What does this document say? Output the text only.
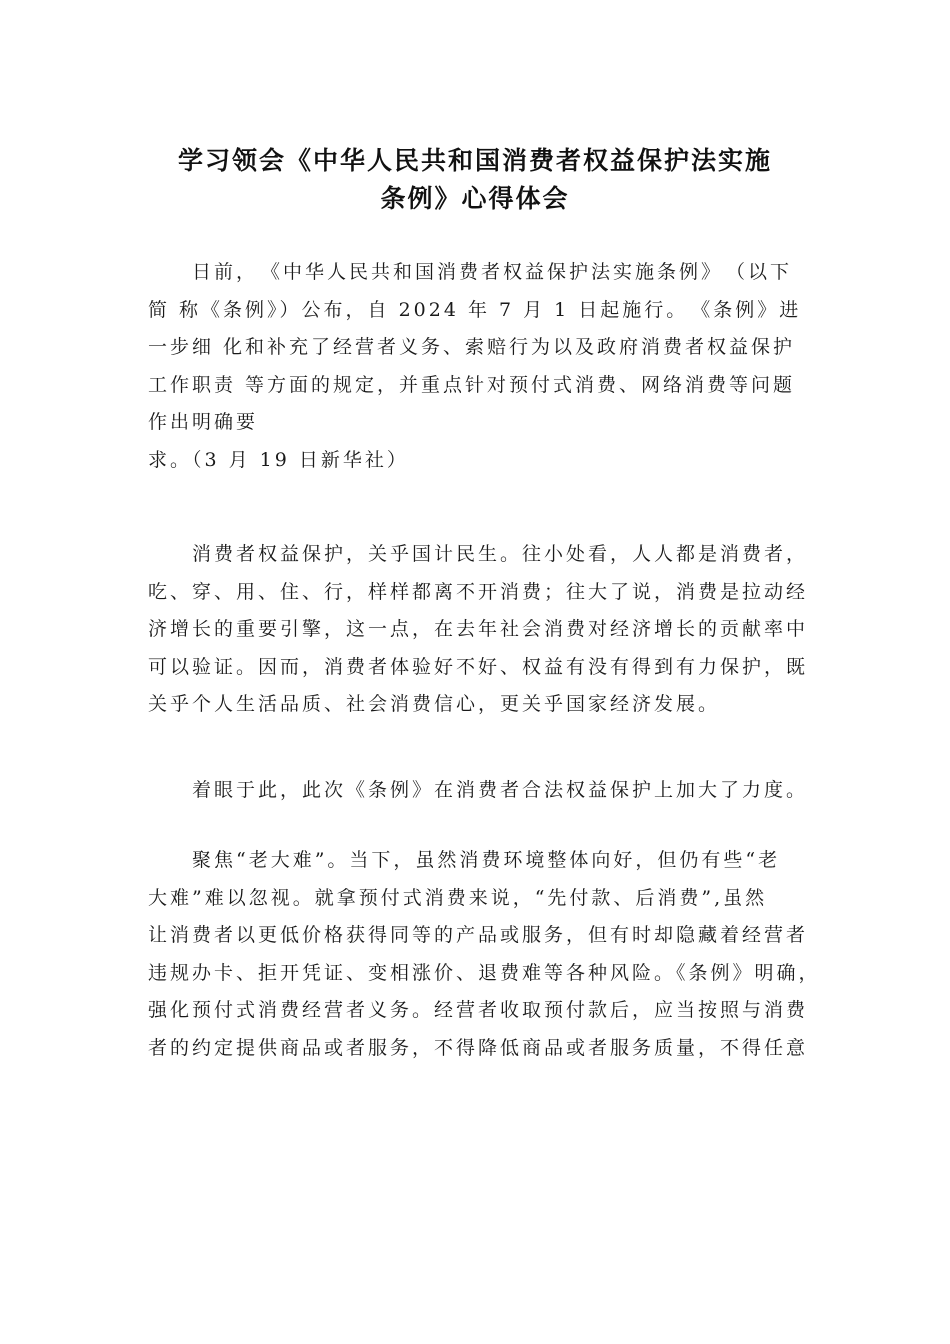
学习领会《中华人民共和国消费者权益保护法实施
条例》心得体会
　　日前，　《中华人民共和国消费者权益保护法实施条例》　（以下
简 称《条例》）公布，自 2024 年 7 月 1 日起施行。　《条例》进
一步细 化和补充了经营者义务、索赔行为以及政府消费者权益保护
工作职责 等方面的规定，并重点针对预付式消费、网络消费等问题
作出明确要
求。（3 月 19 日新华社）
　　消费者权益保护，关乎国计民生。往小处看，人人都是消费者，
吃、穿、用、住、行，样样都离不开消费；往大了说，消费是拉动经
济增长的重要引擎，这一点，在去年社会消费对经济增长的贡献率中
可以验证。因而，消费者体验好不好、权益有没有得到有力保护，既
关乎个人生活品质、社会消费信心，更关乎国家经济发展。
　　着眼于此，此次《条例》在消费者合法权益保护上加大了力度。
　　聚焦“老大难”。当下，虽然消费环境整体向好，但仍有些“老
大难”难以忽视。就拿预付式消费来说，“先付款、后消费”,虽然
让消费者以更低价格获得同等的产品或服务，但有时却隐藏着经营者
违规办卡、拒开凭证、变相涨价、退费难等各种风险。《条例》明确，
强化预付式消费经营者义务。经营者收取预付款后，应当按照与消费
者的约定提供商品或者服务，不得降低商品或者服务质量，不得任意
